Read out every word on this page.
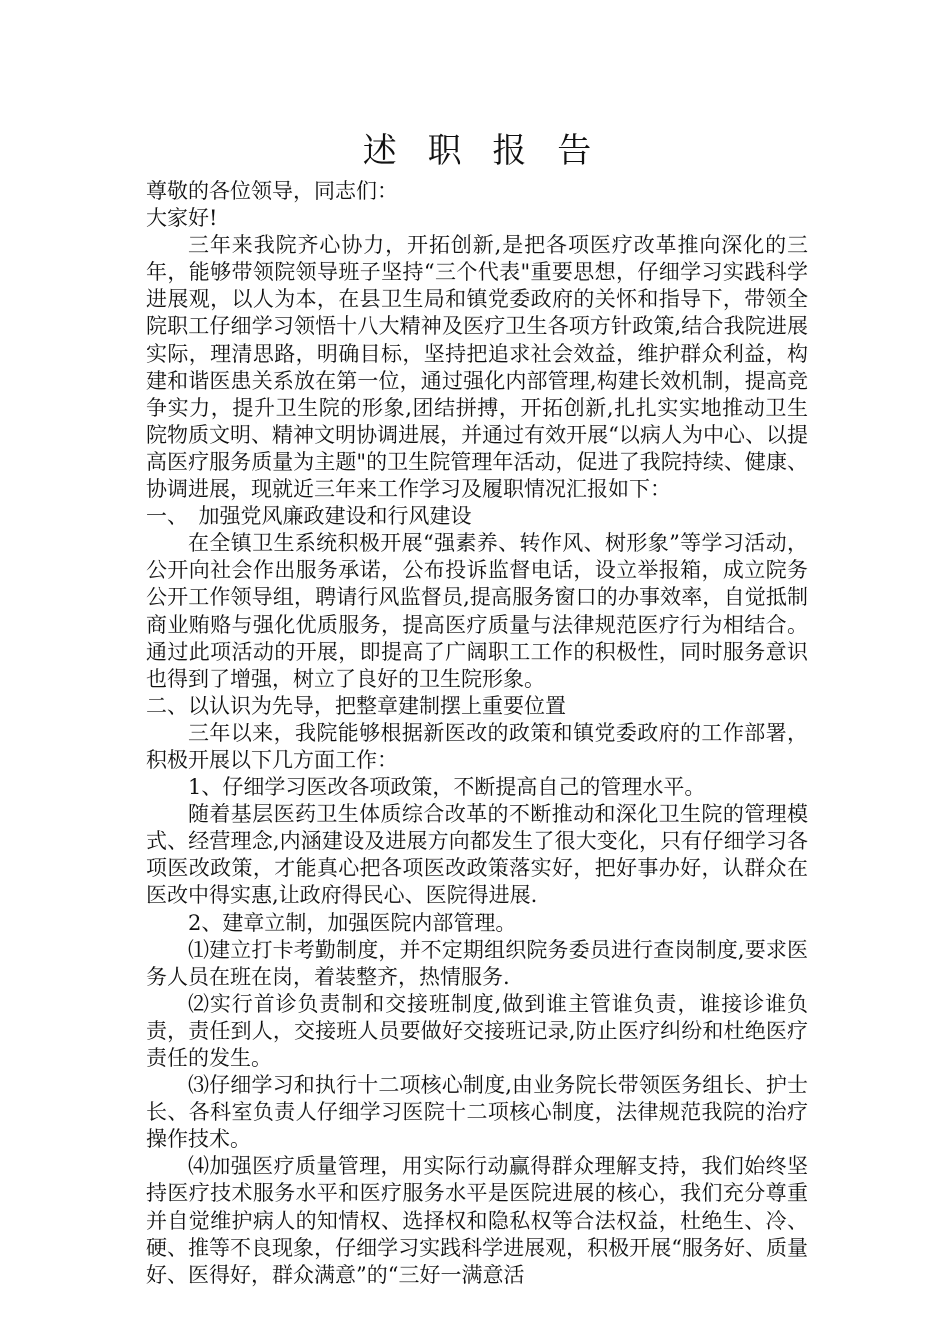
述 职 报 告

尊敬的各位领导，同志们：

大家好!

三年来我院齐心协力，开拓创新,是把各项医疗改革推向深化的三年，能够带领院领导班子坚持“三个代表"重要思想，仔细学习实践科学进展观，以人为本，在县卫生局和镇党委政府的关怀和指导下，带领全院职工仔细学习领悟十八大精神及医疗卫生各项方针政策,结合我院进展实际，理清思路，明确目标，坚持把追求社会效益，维护群众利益，构建和谐医患关系放在第一位，通过强化内部管理,构建长效机制，提高竞争实力，提升卫生院的形象,团结拼搏，开拓创新,扎扎实实地推动卫生院物质文明、精神文明协调进展，并通过有效开展“以病人为中心、以提高医疗服务质量为主题"的卫生院管理年活动，促进了我院持续、健康、协调进展，现就近三年来工作学习及履职情况汇报如下：

一、　加强党风廉政建设和行风建设

在全镇卫生系统积极开展“强素养、转作风、树形象”等学习活动，公开向社会作出服务承诺，公布投诉监督电话，设立举报箱，成立院务公开工作领导组，聘请行风监督员,提高服务窗口的办事效率，自觉抵制商业贿赂与强化优质服务，提高医疗质量与法律规范医疗行为相结合。通过此项活动的开展，即提高了广阔职工工作的积极性，同时服务意识也得到了增强，树立了良好的卫生院形象。

二、以认识为先导，把整章建制摆上重要位置

三年以来，我院能够根据新医改的政策和镇党委政府的工作部署，积极开展以下几方面工作：

1、仔细学习医改各项政策，不断提高自己的管理水平。

随着基层医药卫生体质综合改革的不断推动和深化卫生院的管理模式、经营理念,内涵建设及进展方向都发生了很大变化，只有仔细学习各项医改政策，才能真心把各项医改政策落实好，把好事办好，认群众在医改中得实惠,让政府得民心、医院得进展.

2、建章立制，加强医院内部管理。

⑴建立打卡考勤制度，并不定期组织院务委员进行查岗制度,要求医务人员在班在岗，着装整齐，热情服务.

⑵实行首诊负责制和交接班制度,做到谁主管谁负责，谁接诊谁负责，责任到人，交接班人员要做好交接班记录,防止医疗纠纷和杜绝医疗责任的发生。

⑶仔细学习和执行十二项核心制度,由业务院长带领医务组长、护士长、各科室负责人仔细学习医院十二项核心制度，法律规范我院的治疗操作技术。

⑷加强医疗质量管理，用实际行动赢得群众理解支持，我们始终坚持医疗技术服务水平和医疗服务水平是医院进展的核心，我们充分尊重并自觉维护病人的知情权、选择权和隐私权等合法权益，杜绝生、冷、硬、推等不良现象，仔细学习实践科学进展观，积极开展“服务好、质量好、医得好，群众满意”的“三好一满意活
